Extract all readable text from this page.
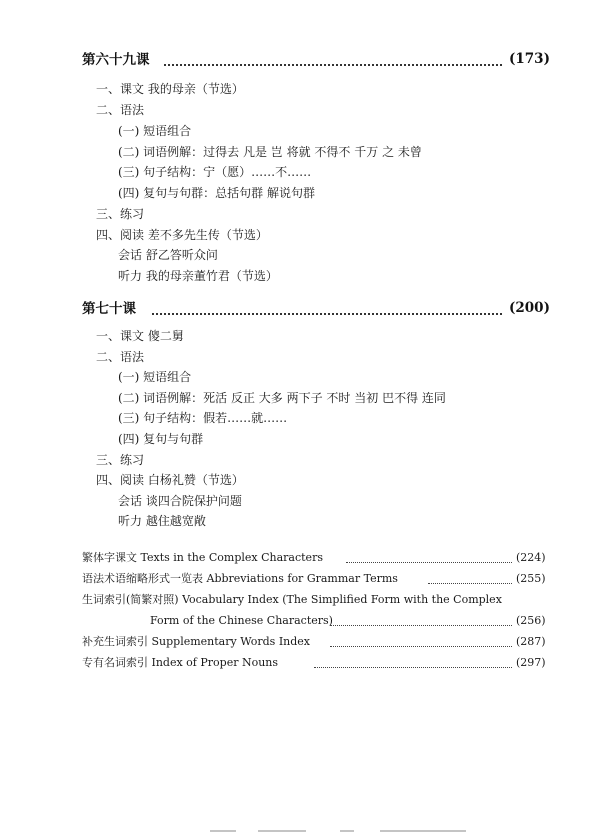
第六十九课	(173)
一、课文 我的母亲（节选）
二、语法
(一) 短语组合
(二) 词语例解：过得去 凡是 岂 将就 不得不 千万 之 未曾
(三) 句子结构：宁（愿）……不……
(四) 复句与句群：总括句群 解说句群
三、练习
四、阅读 差不多先生传（节选）
会话 舒乙答听众问
听力 我的母亲董竹君（节选）
第七十课	(200)
一、课文 傻二舅
二、语法
(一) 短语组合
(二) 词语例解：死活 反正 大多 两下子 不时 当初 巴不得 连同
(三) 句子结构：假若……就……
(四) 复句与句群
三、练习
四、阅读 白杨礼赞（节选）
会话 谈四合院保护问题
听力 越住越宽敞
繁体字课文 Texts in the Complex Characters	(224)
语法术语缩略形式一览表 Abbreviations for Grammar Terms	(255)
生词索引(简繁对照) Vocabulary Index (The Simplified Form with the Complex
Form of the Chinese Characters)	(256)
补充生词索引 Supplementary Words Index	(287)
专有名词索引 Index of Proper Nouns	(297)
